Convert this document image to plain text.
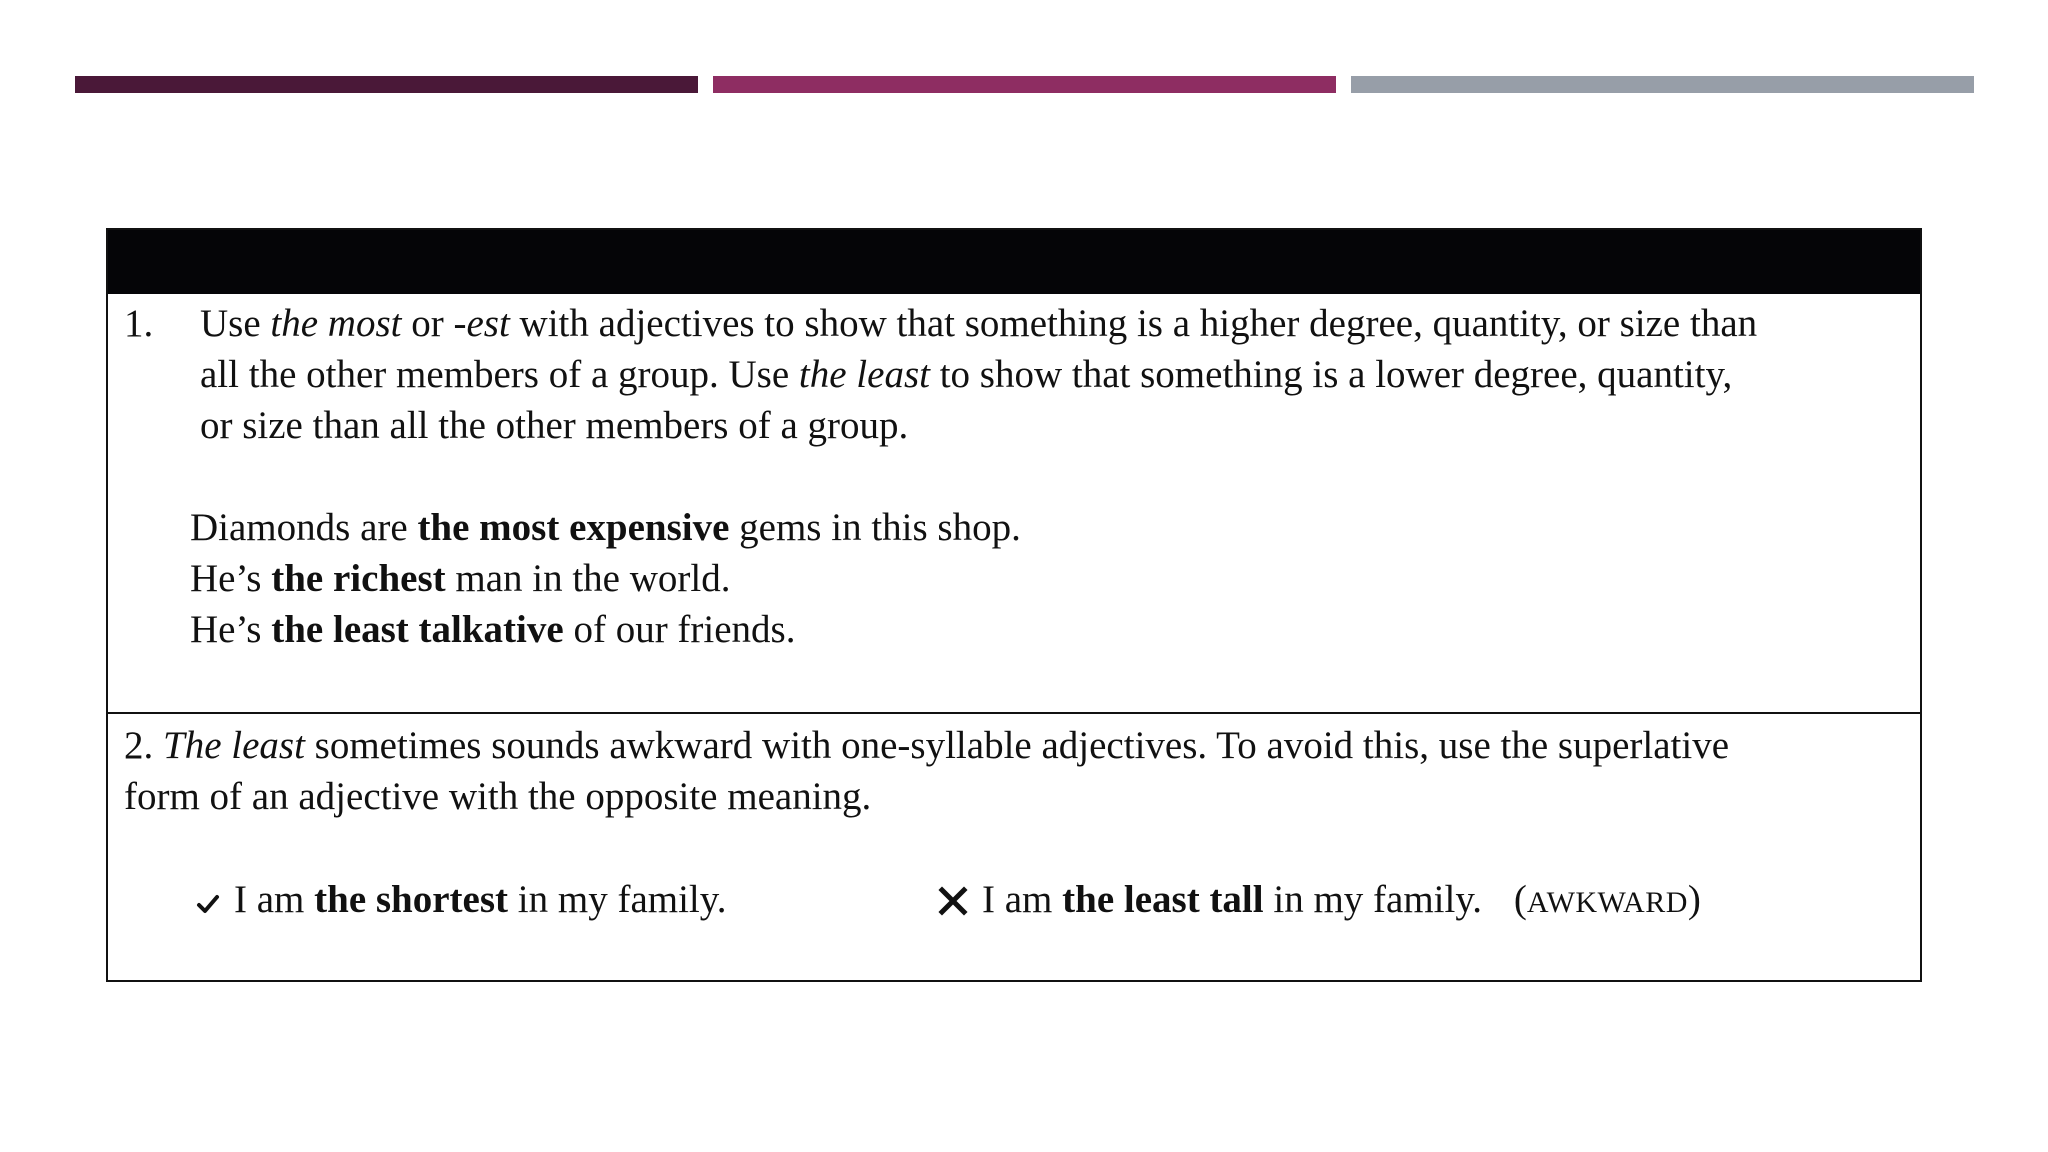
1. Use the most or -est with adjectives to show that something is a higher degree, quantity, or size than
all the other members of a group. Use the least to show that something is a lower degree, quantity,
or size than all the other members of a group.
Diamonds are the most expensive gems in this shop.
He’s the richest man in the world.
He’s the least talkative of our friends.
2. The least sometimes sounds awkward with one-syllable adjectives. To avoid this, use the superlative
form of an adjective with the opposite meaning.
I am the shortest in my family.	I am the least tall in my family. (AWKWARD)
